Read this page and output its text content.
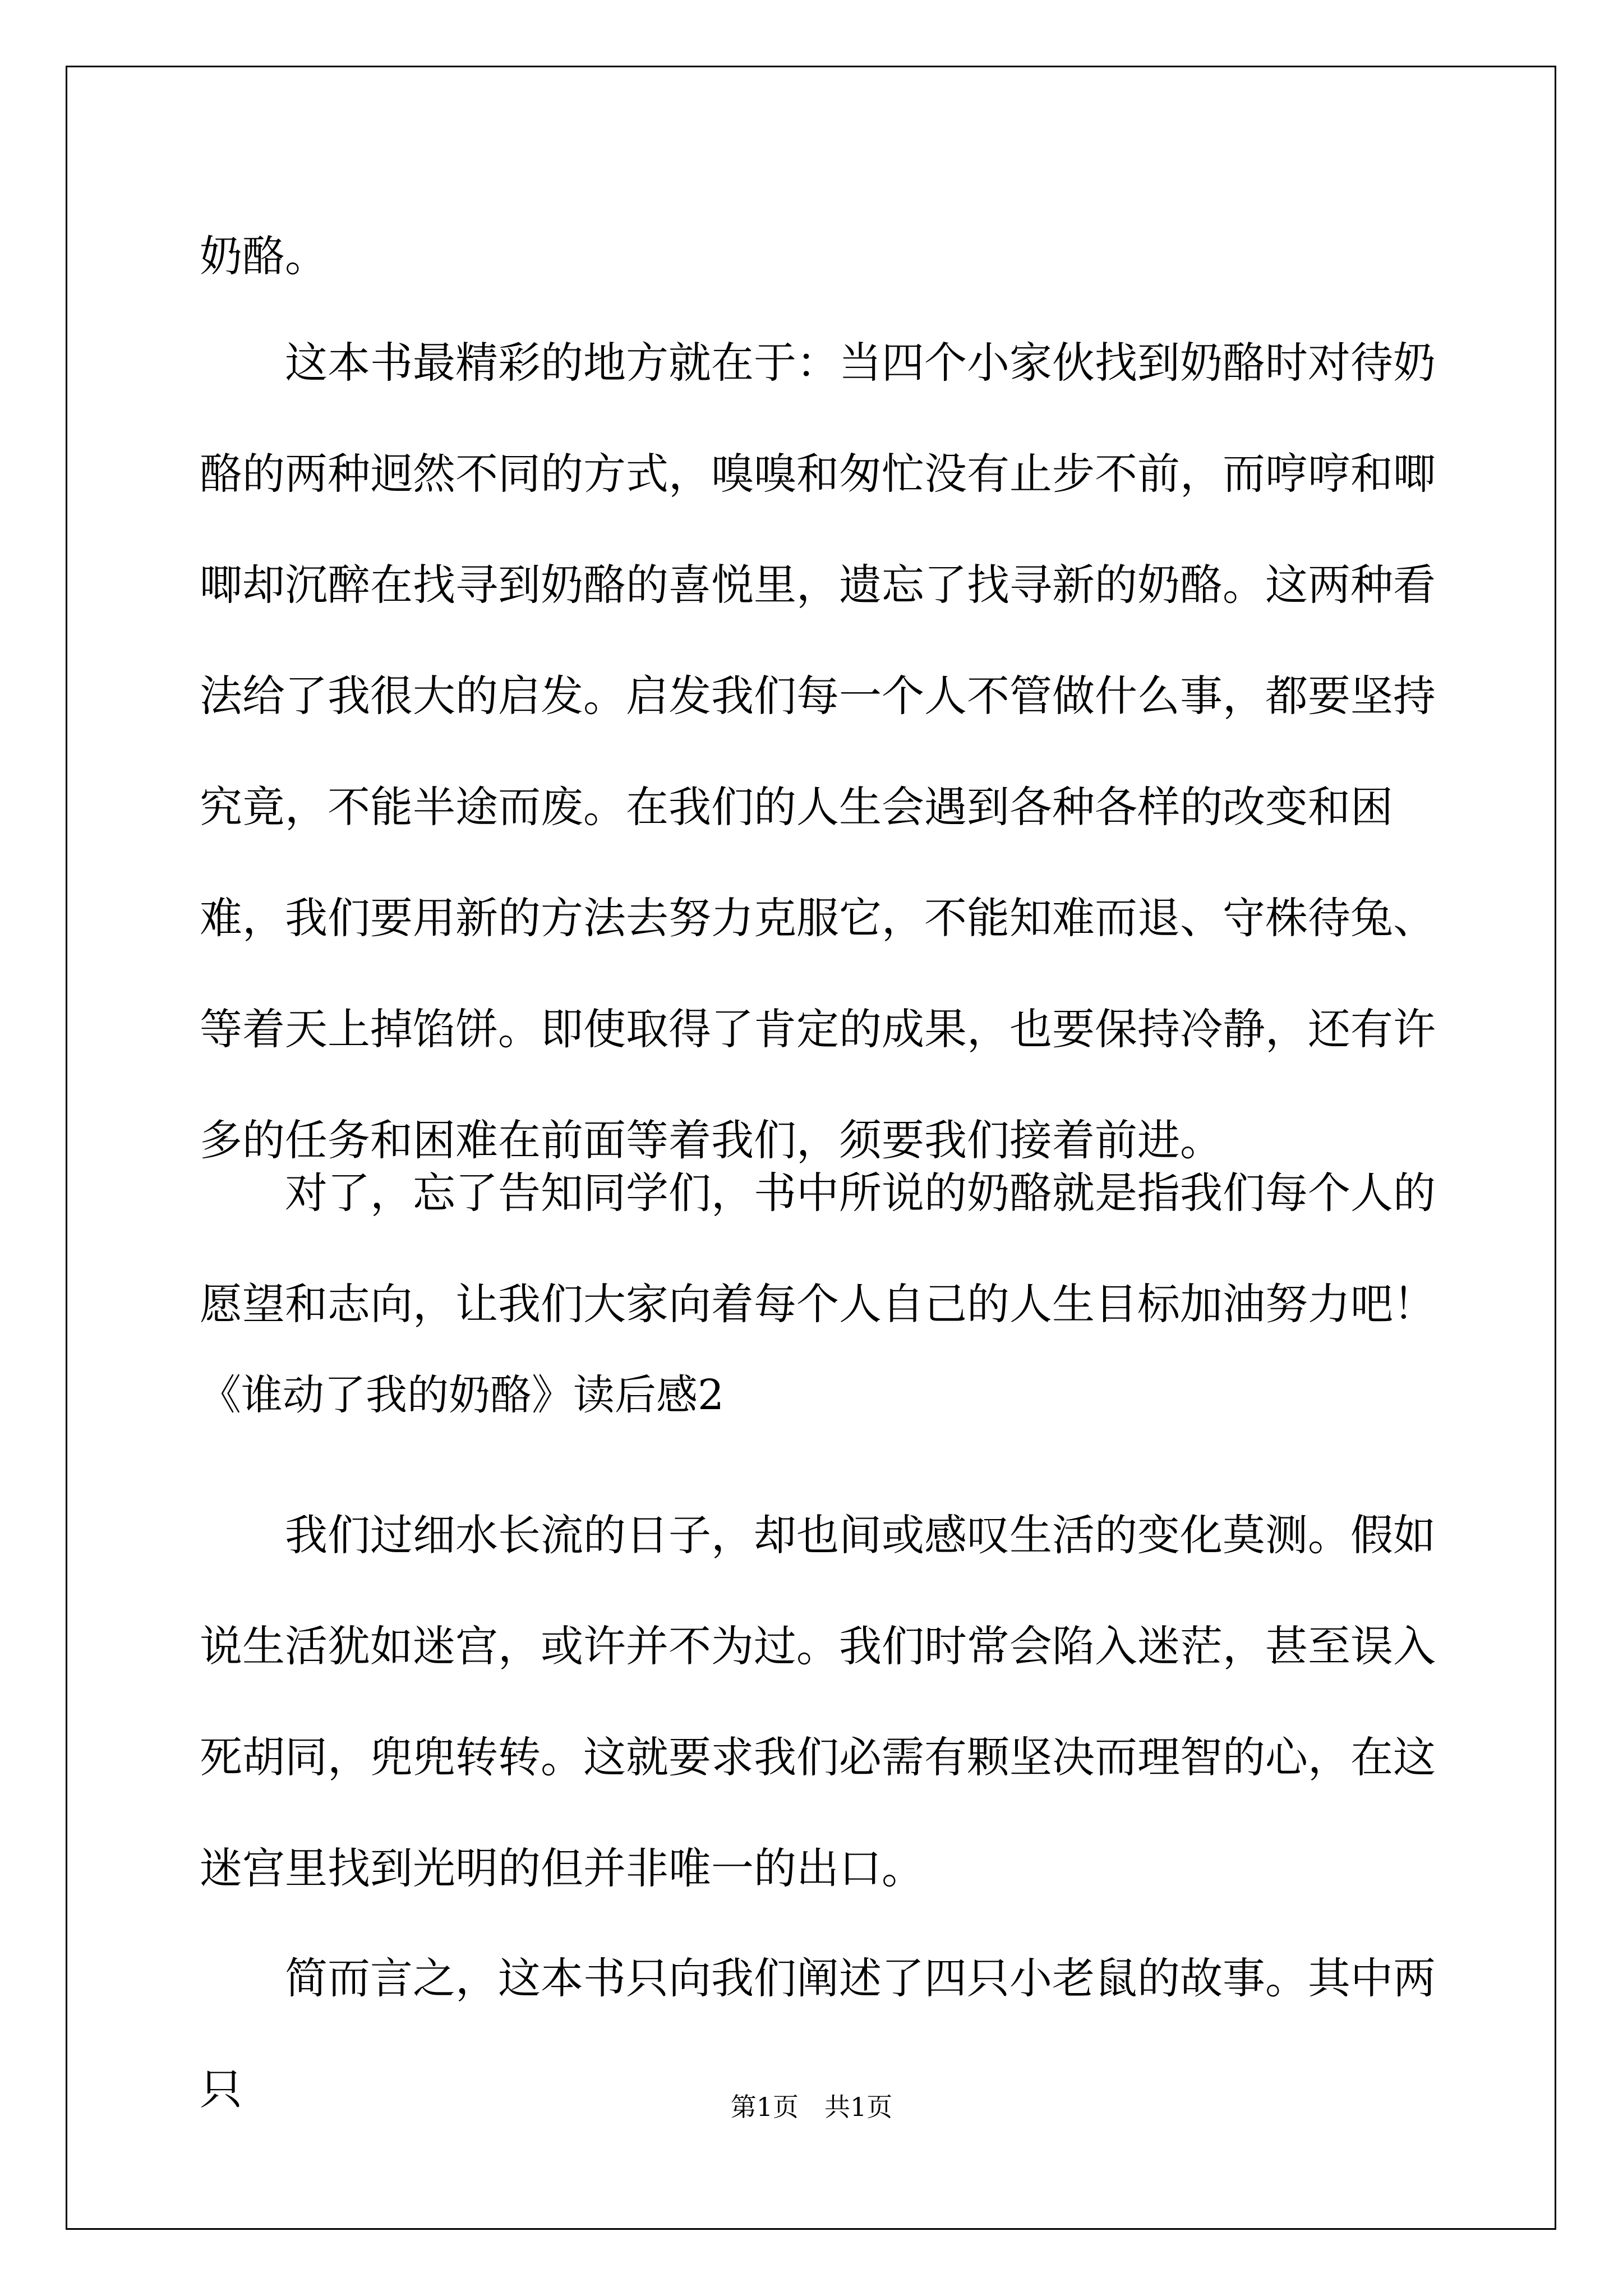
奶酪。

这本书最精彩的地方就在于：当四个小家伙找到奶酪时对待奶酪的两种迥然不同的方式，嗅嗅和匆忙没有止步不前，而哼哼和唧唧却沉醉在找寻到奶酪的喜悦里，遗忘了找寻新的奶酪。这两种看法给了我很大的启发。启发我们每一个人不管做什么事，都要坚持究竟，不能半途而废。在我们的人生会遇到各种各样的改变和困难，我们要用新的方法去努力克服它，不能知难而退、守株待兔、等着天上掉馅饼。即使取得了肯定的成果，也要保持冷静，还有许多的任务和困难在前面等着我们，须要我们接着前进。

对了，忘了告知同学们，书中所说的奶酪就是指我们每个人的愿望和志向，让我们大家向着每个人自己的人生目标加油努力吧！

《谁动了我的奶酪》读后感2

我们过细水长流的日子，却也间或感叹生活的变化莫测。假如说生活犹如迷宫，或许并不为过。我们时常会陷入迷茫，甚至误入死胡同，兜兜转转。这就要求我们必需有颗坚决而理智的心，在这迷宫里找到光明的但并非唯一的出口。

简而言之，这本书只向我们阐述了四只小老鼠的故事。其中两只	第1页　共1页
